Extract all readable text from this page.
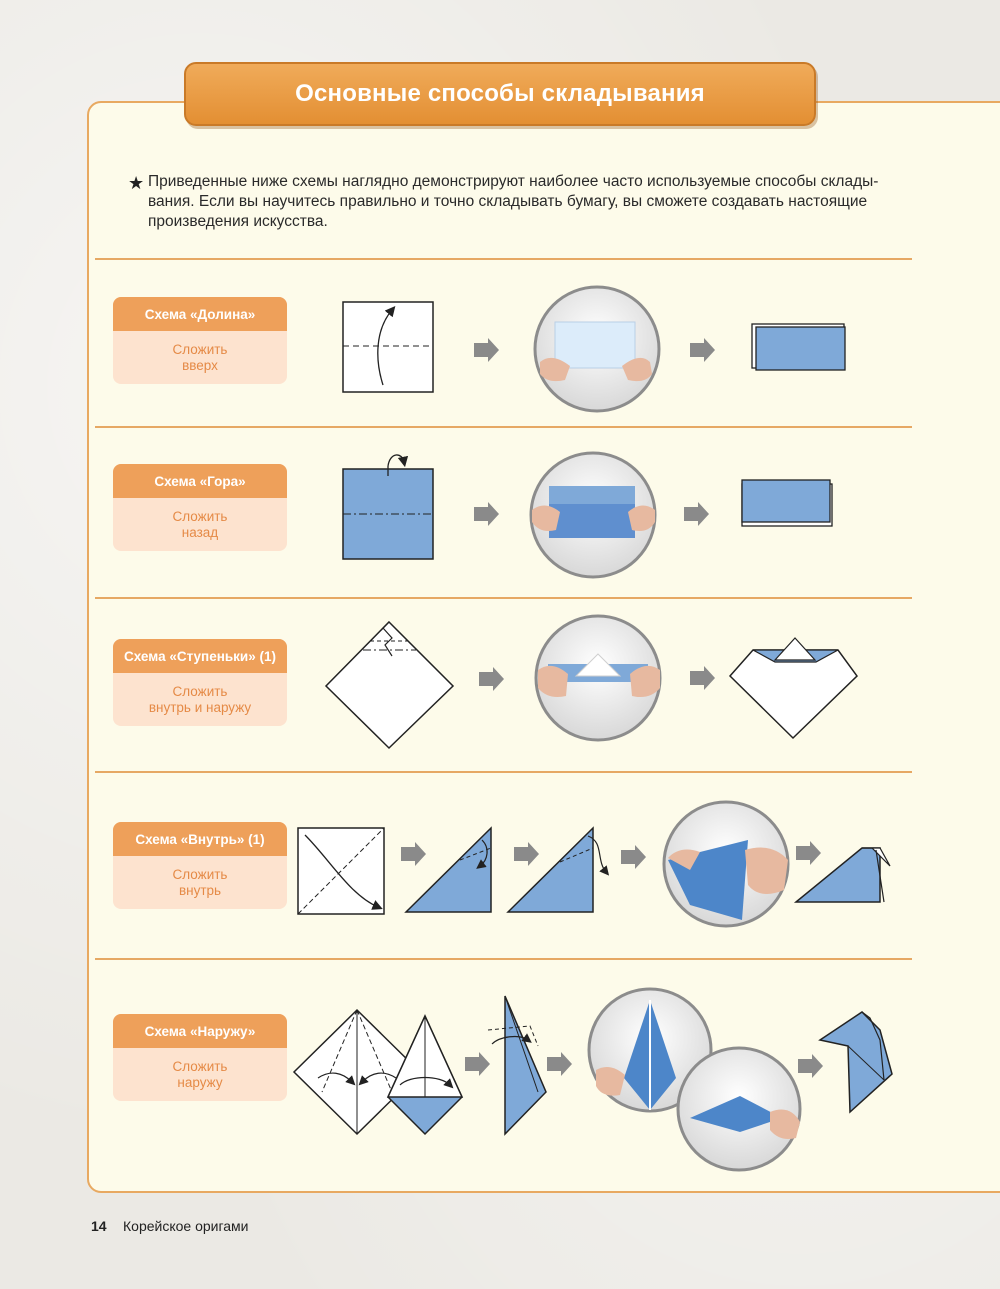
Основные способы складывания
★ Приведенные ниже схемы наглядно демонстрируют наиболее часто используемые способы склады-
вания. Если вы научитесь правильно и точно складывать бумагу, вы сможете создавать настоящие
произведения искусства.

Схема «Долина»
Сложить
вверх
Схема «Гора»
Сложить
назад
Схема «Ступеньки» (1)
Сложить
внутрь и наружу
Схема «Внутрь» (1)
Сложить
внутрь
Схема «Наружу»
Сложить
наружу
14 Корейское оригами
